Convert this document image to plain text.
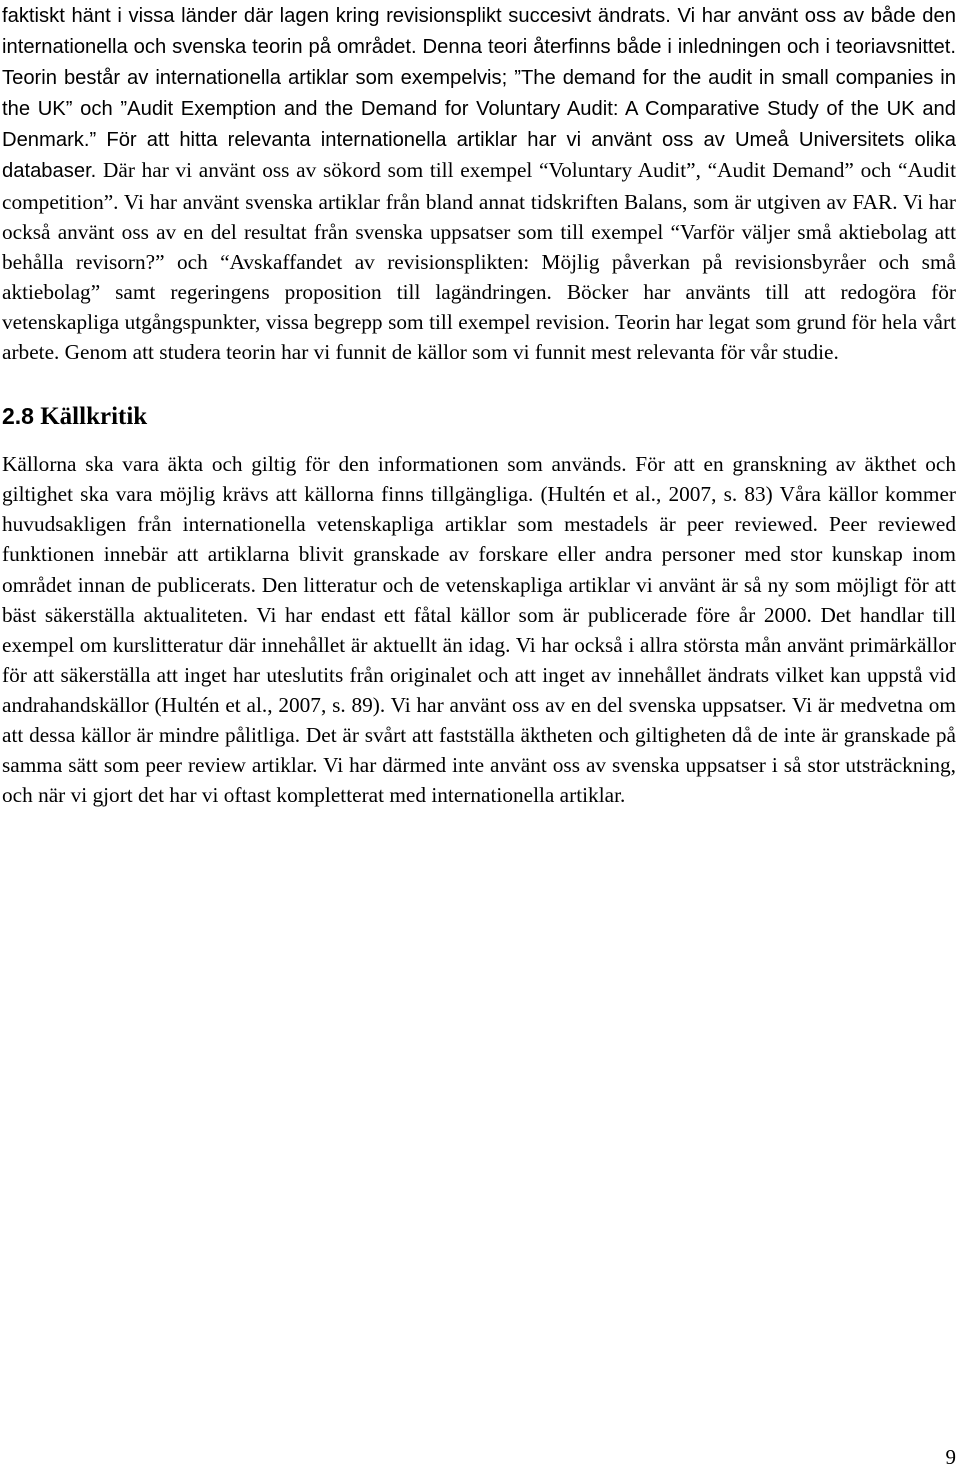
faktiskt hänt i vissa länder där lagen kring revisionsplikt succesivt ändrats. Vi har använt oss av både den internationella och svenska teorin på området. Denna teori återfinns både i inledningen och i teoriavsnittet. Teorin består av internationella artiklar som exempelvis; ”The demand for the audit in small companies in the UK” och ”Audit Exemption and the Demand for Voluntary Audit: A Comparative Study of the UK and Denmark.” För att hitta relevanta internationella artiklar har vi använt oss av Umeå Universitets olika databaser. Där har vi använt oss av sökord som till exempel “Voluntary Audit”, “Audit Demand” och “Audit competition”. Vi har använt svenska artiklar från bland annat tidskriften Balans, som är utgiven av FAR. Vi har också använt oss av en del resultat från svenska uppsatser som till exempel “Varför väljer små aktiebolag att behålla revisorn?” och “Avskaffandet av revisionsplikten: Möjlig påverkan på revisionsbyråer och små aktiebolag” samt regeringens proposition till lagändringen. Böcker har använts till att redogöra för vetenskapliga utgångspunkter, vissa begrepp som till exempel revision. Teorin har legat som grund för hela vårt arbete. Genom att studera teorin har vi funnit de källor som vi funnit mest relevanta för vår studie.

2.8 Källkritik

Källorna ska vara äkta och giltig för den informationen som används. För att en granskning av äkthet och giltighet ska vara möjlig krävs att källorna finns tillgängliga. (Hultén et al., 2007, s. 83) Våra källor kommer huvudsakligen från internationella vetenskapliga artiklar som mestadels är peer reviewed. Peer reviewed funktionen innebär att artiklarna blivit granskade av forskare eller andra personer med stor kunskap inom området innan de publicerats. Den litteratur och de vetenskapliga artiklar vi använt är så ny som möjligt för att bäst säkerställa aktualiteten. Vi har endast ett fåtal källor som är publicerade före år 2000. Det handlar till exempel om kurslitteratur där innehållet är aktuellt än idag. Vi har också i allra största mån använt primärkällor för att säkerställa att inget har uteslutits från originalet och att inget av innehållet ändrats vilket kan uppstå vid andrahandskällor (Hultén et al., 2007, s. 89). Vi har använt oss av en del svenska uppsatser. Vi är medvetna om att dessa källor är mindre pålitliga. Det är svårt att fastställa äktheten och giltigheten då de inte är granskade på samma sätt som peer review artiklar. Vi har därmed inte använt oss av svenska uppsatser i så stor utsträckning, och när vi gjort det har vi oftast kompletterat med internationella artiklar.

9
